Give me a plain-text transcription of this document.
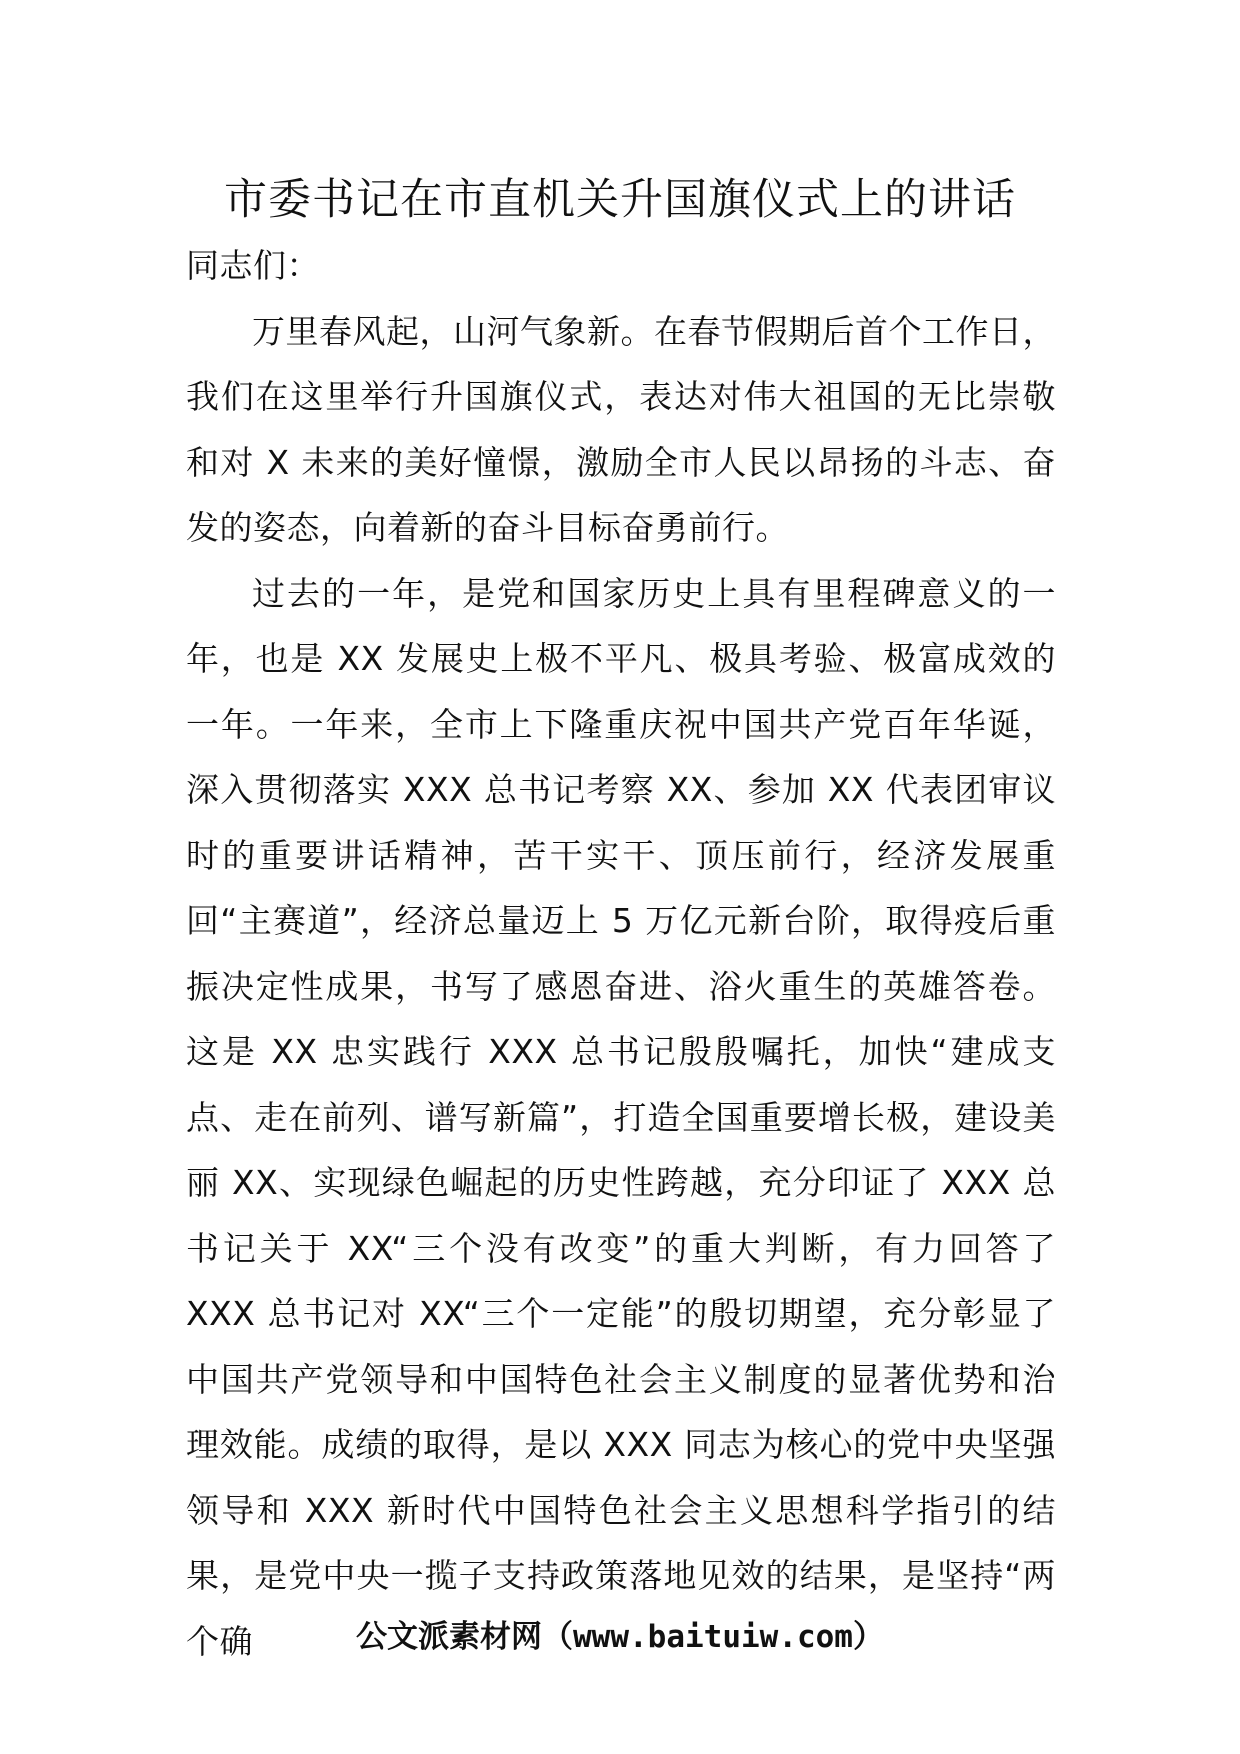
市委书记在市直机关升国旗仪式上的讲话

同志们：

万里春风起，山河气象新。在春节假期后首个工作日，我们在这里举行升国旗仪式，表达对伟大祖国的无比崇敬和对 X 未来的美好憧憬，激励全市人民以昂扬的斗志、奋发的姿态，向着新的奋斗目标奋勇前行。

过去的一年，是党和国家历史上具有里程碑意义的一年，也是 XX 发展史上极不平凡、极具考验、极富成效的一年。一年来，全市上下隆重庆祝中国共产党百年华诞，深入贯彻落实 XXX 总书记考察 XX、参加 XX 代表团审议时的重要讲话精神，苦干实干、顶压前行，经济发展重回“主赛道”，经济总量迈上 5 万亿元新台阶，取得疫后重振决定性成果，书写了感恩奋进、浴火重生的英雄答卷。这是 XX 忠实践行 XXX 总书记殷殷嘱托，加快“建成支点、走在前列、谱写新篇”，打造全国重要增长极，建设美丽 XX、实现绿色崛起的历史性跨越，充分印证了 XXX 总书记关于 XX“三个没有改变”的重大判断，有力回答了 XXX 总书记对 XX“三个一定能”的殷切期望，充分彰显了中国共产党领导和中国特色社会主义制度的显著优势和治理效能。成绩的取得，是以 XXX 同志为核心的党中央坚强领导和 XXX 新时代中国特色社会主义思想科学指引的结果，是党中央一揽子支持政策落地见效的结果，是坚持“两个确	公文派素材网（www.baituiw.com）
